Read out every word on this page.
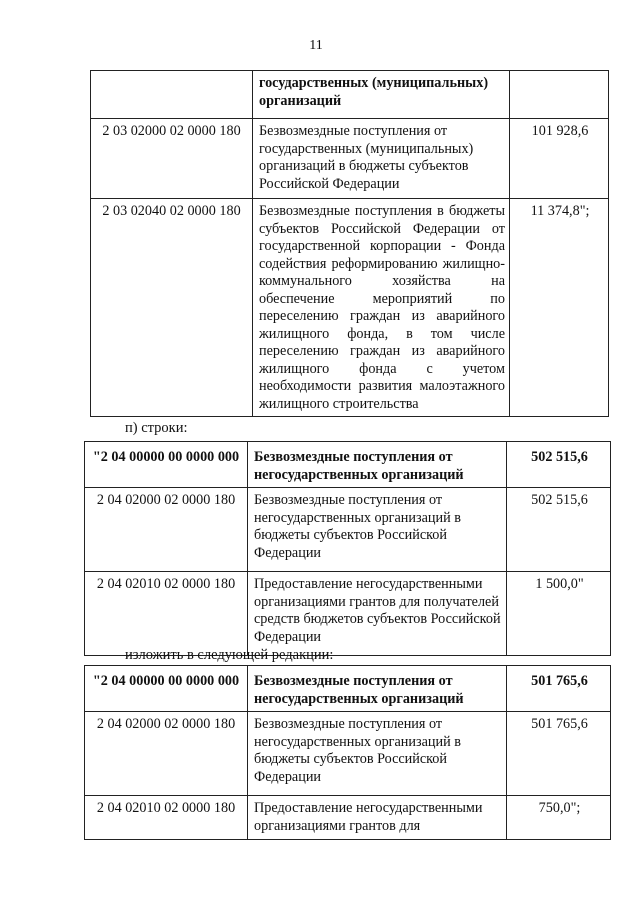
11
	государственных (муниципальных) организаций	
2 03 02000 02 0000 180	Безвозмездные поступления от государственных (муниципальных) организаций в бюджеты субъектов Российской Федерации	101 928,6
2 03 02040 02 0000 180	Безвозмездные поступления в бюджеты субъектов Российской Федерации от государственной корпорации - Фонда содействия реформированию жилищно-коммунального хозяйства на обеспечение мероприятий по переселению граждан из аварийного жилищного фонда, в том числе переселению граждан из аварийного жилищного фонда с учетом необходимости развития малоэтажного жилищного строительства	11 374,8";
п) строки:
"2 04 00000 00 0000 000	Безвозмездные поступления от негосударственных организаций	502 515,6
2 04 02000 02 0000 180	Безвозмездные поступления от негосударственных организаций в бюджеты субъектов Российской Федерации	502 515,6
2 04 02010 02 0000 180	Предоставление негосударственными организациями грантов для получателей средств бюджетов субъектов Российской Федерации	1 500,0"
изложить в следующей редакции:
"2 04 00000 00 0000 000	Безвозмездные поступления от негосударственных организаций	501 765,6
2 04 02000 02 0000 180	Безвозмездные поступления от негосударственных организаций в бюджеты субъектов Российской Федерации	501 765,6
2 04 02010 02 0000 180	Предоставление негосударственными организациями грантов для	750,0";
